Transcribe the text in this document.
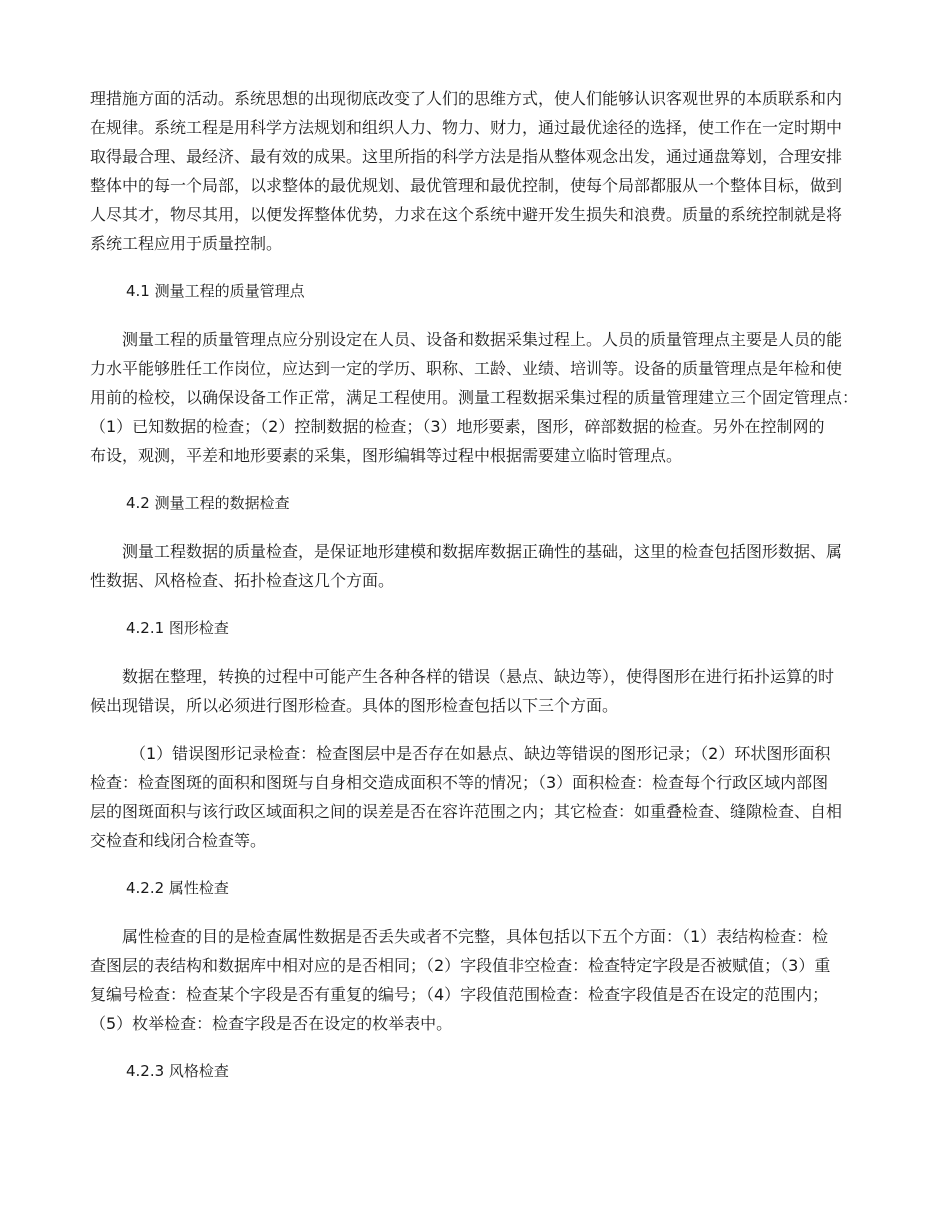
理措施方面的活动。系统思想的出现彻底改变了人们的思维方式，使人们能够认识客观世界的本质联系和内
在规律。系统工程是用科学方法规划和组织人力、物力、财力，通过最优途径的选择，使工作在一定时期中
取得最合理、最经济、最有效的成果。这里所指的科学方法是指从整体观念出发，通过通盘筹划，合理安排
整体中的每一个局部，以求整体的最优规划、最优管理和最优控制，使每个局部都服从一个整体目标，做到
人尽其才，物尽其用，以便发挥整体优势，力求在这个系统中避开发生损失和浪费。质量的系统控制就是将
系统工程应用于质量控制。

4.1 测量工程的质量管理点

测量工程的质量管理点应分别设定在人员、设备和数据采集过程上。人员的质量管理点主要是人员的能
力水平能够胜任工作岗位，应达到一定的学历、职称、工龄、业绩、培训等。设备的质量管理点是年检和使
用前的检校，以确保设备工作正常，满足工程使用。测量工程数据采集过程的质量管理建立三个固定管理点：
（1）已知数据的检查；（2）控制数据的检查；（3）地形要素，图形，碎部数据的检查。另外在控制网的
布设，观测，平差和地形要素的采集，图形编辑等过程中根据需要建立临时管理点。

4.2 测量工程的数据检查

测量工程数据的质量检查，是保证地形建模和数据库数据正确性的基础，这里的检查包括图形数据、属
性数据、风格检查、拓扑检查这几个方面。

4.2.1 图形检查

数据在整理，转换的过程中可能产生各种各样的错误（悬点、缺边等），使得图形在进行拓扑运算的时
候出现错误，所以必须进行图形检查。具体的图形检查包括以下三个方面。

（1）错误图形记录检查：检查图层中是否存在如悬点、缺边等错误的图形记录；（2）环状图形面积
检查：检查图斑的面积和图斑与自身相交造成面积不等的情况；（3）面积检查：检查每个行政区域内部图
层的图斑面积与该行政区域面积之间的误差是否在容许范围之内；其它检查：如重叠检查、缝隙检查、自相
交检查和线闭合检查等。

4.2.2 属性检查

属性检查的目的是检查属性数据是否丢失或者不完整，具体包括以下五个方面：（1）表结构检查：检
查图层的表结构和数据库中相对应的是否相同；（2）字段值非空检查：检查特定字段是否被赋值；（3）重
复编号检查：检查某个字段是否有重复的编号；（4）字段值范围检查：检查字段值是否在设定的范围内；
（5）枚举检查：检查字段是否在设定的枚举表中。

4.2.3 风格检查
